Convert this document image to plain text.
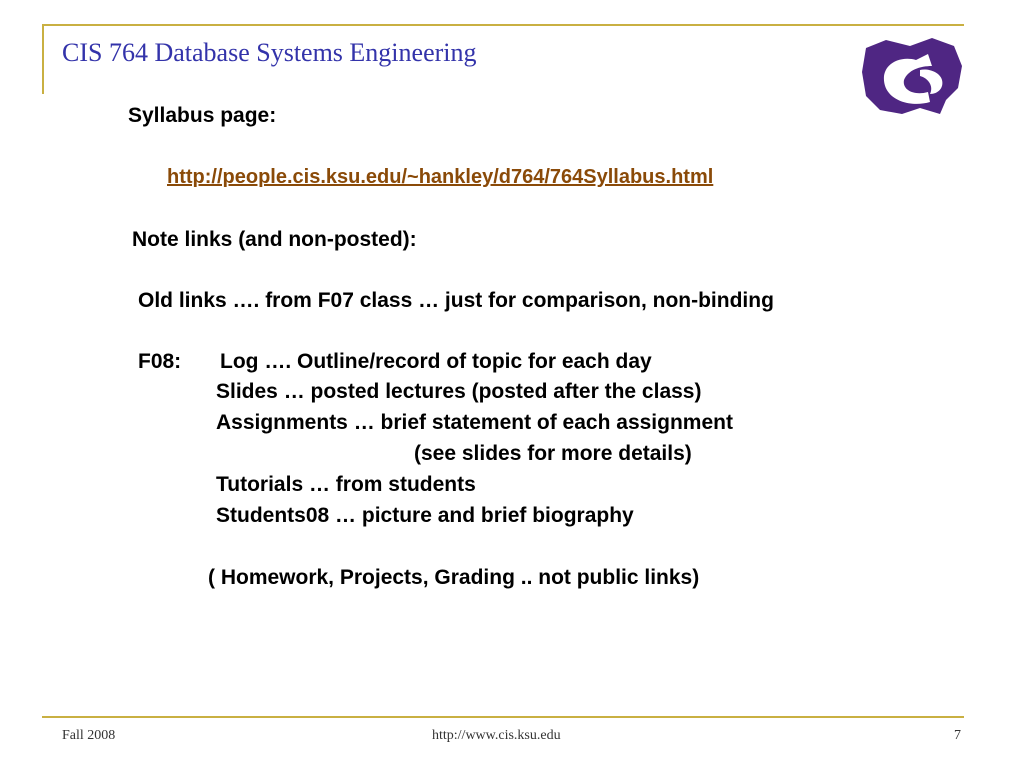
CIS 764 Database Systems Engineering
Syllabus page:
http://people.cis.ksu.edu/~hankley/d764/764Syllabus.html
Note links (and non-posted):
Old links …. from F07 class … just for comparison, non-binding
F08: Log …. Outline/record of topic for each day
Slides … posted lectures (posted after the class)
Assignments … brief statement of each assignment
(see slides for more details)
Tutorials … from students
Students08 … picture and brief biography
( Homework, Projects, Grading .. not public links)
Fall 2008	http://www.cis.ksu.edu	7
